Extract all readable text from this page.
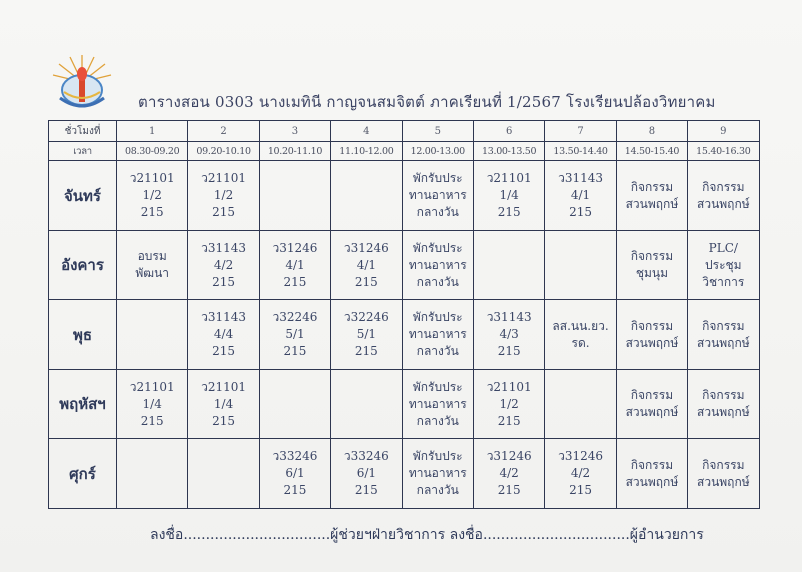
ตารางสอน 0303 นางเมทินี กาญจนสมจิตต์ ภาคเรียนที่ 1/2567 โรงเรียนปล้องวิทยาคม
ชั่วโมงที่	1	2	3	4	5	6	7	8	9
เวลา	08.30-09.20	09.20-10.10	10.20-11.10	11.10-12.00	12.00-13.00	13.00-13.50	13.50-14.40	14.50-15.40	15.40-16.30
จันทร์	ว21101
1/2
215	ว21101
1/2
215			พักรับประ
ทานอาหาร
กลางวัน	ว21101
1/4
215	ว31143
4/1
215	กิจกรรม
สวนพฤกษ์	กิจกรรม
สวนพฤกษ์

อังคาร	อบรม
พัฒนา	ว31143
4/2
215	ว31246
4/1
215	ว31246
4/1
215	พักรับประ
ทานอาหาร
กลางวัน			กิจกรรม
ชุมนุม	PLC/
ประชุม
วิชาการ

พุธ		ว31143
4/4
215	ว32246
5/1
215	ว32246
5/1
215	พักรับประ
ทานอาหาร
กลางวัน	ว31143
4/3
215	ลส.นน.ยว.
รด.	กิจกรรม
สวนพฤกษ์	กิจกรรม
สวนพฤกษ์

พฤหัสฯ	ว21101
1/4
215	ว21101
1/4
215			พักรับประ
ทานอาหาร
กลางวัน	ว21101
1/2
215		กิจกรรม
สวนพฤกษ์	กิจกรรม
สวนพฤกษ์

ศุกร์			ว33246
6/1
215	ว33246
6/1
215	พักรับประ
ทานอาหาร
กลางวัน	ว31246
4/2
215	ว31246
4/2
215	กิจกรรม
สวนพฤกษ์	กิจกรรม
สวนพฤกษ์
ลงชื่อ.................................ผู้ช่วยฯฝ่ายวิชาการ ลงชื่อ.................................ผู้อำนวยการ
